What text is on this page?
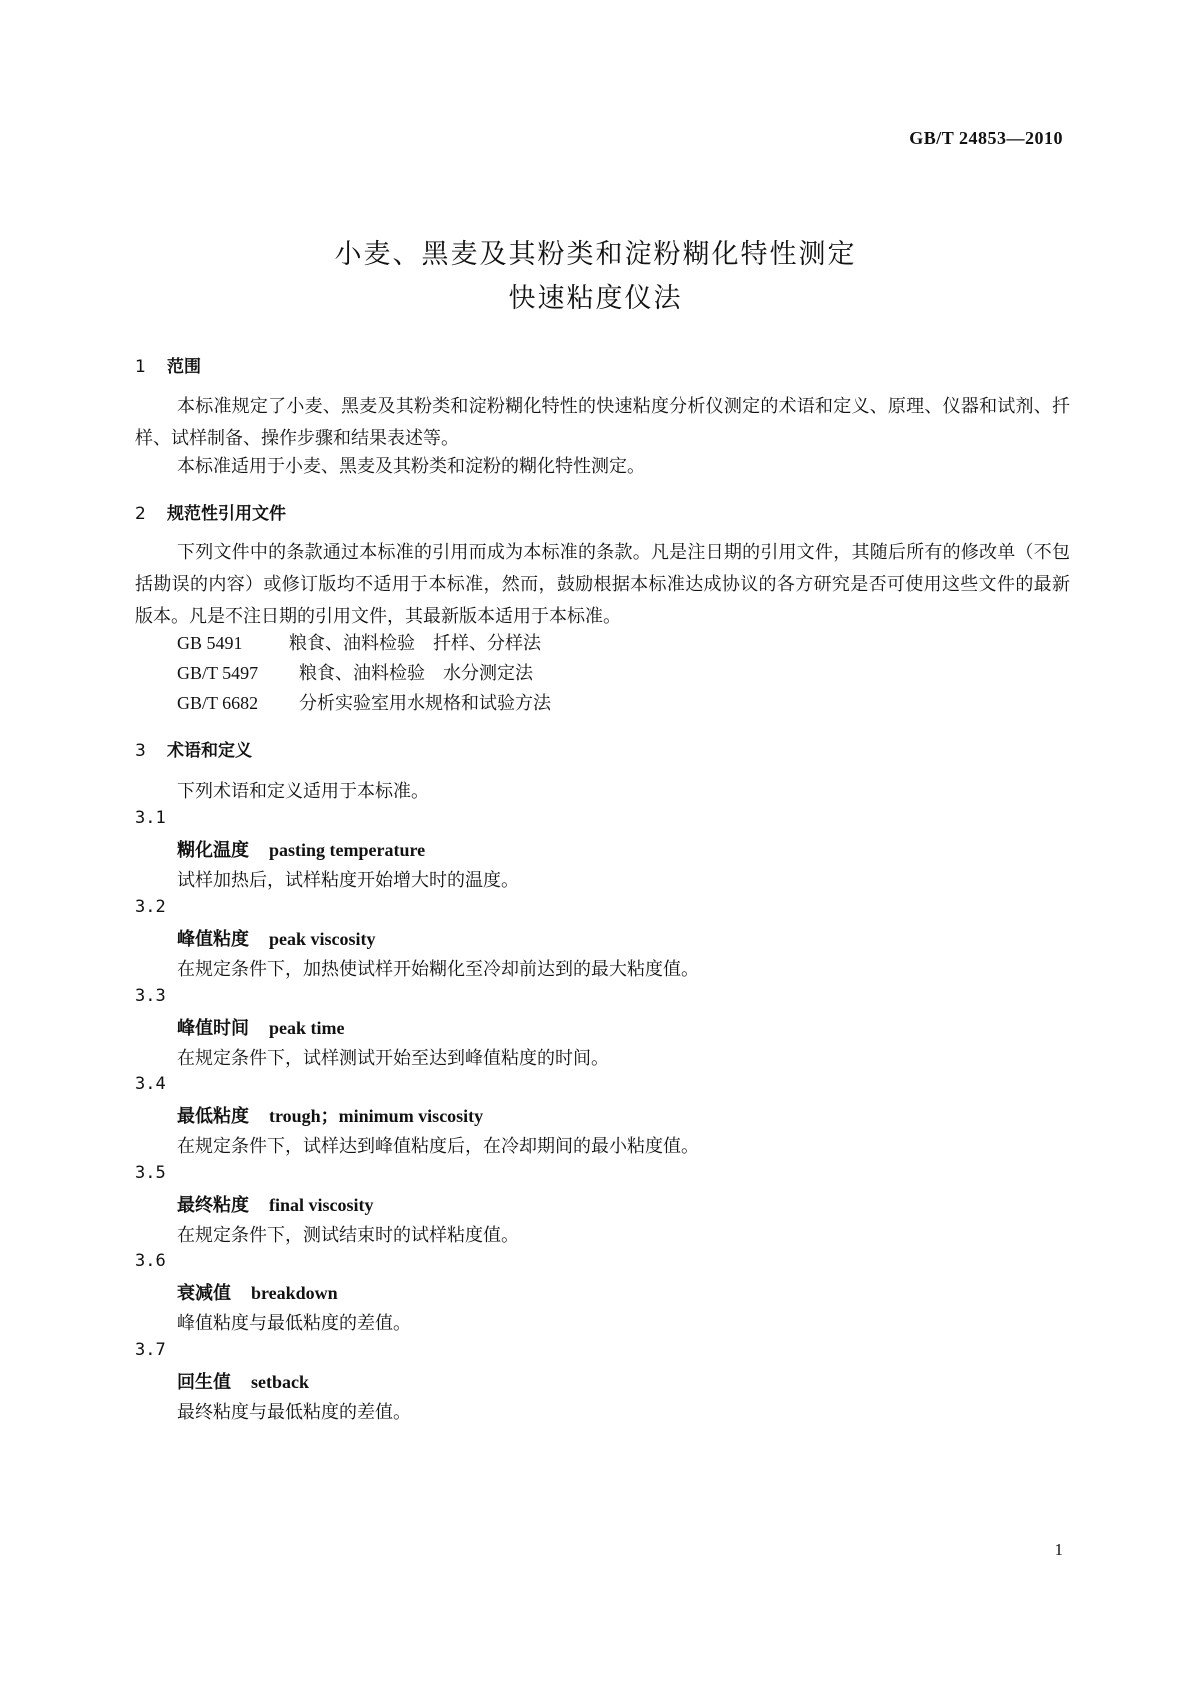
GB/T 24853—2010
小麦、黑麦及其粉类和淀粉糊化特性测定
快速粘度仪法
1 范围
本标准规定了小麦、黑麦及其粉类和淀粉糊化特性的快速粘度分析仪测定的术语和定义、原理、仪器和试剂、扦样、试样制备、操作步骤和结果表述等。
本标准适用于小麦、黑麦及其粉类和淀粉的糊化特性测定。
2 规范性引用文件
下列文件中的条款通过本标准的引用而成为本标准的条款。凡是注日期的引用文件，其随后所有的修改单（不包括勘误的内容）或修订版均不适用于本标准，然而，鼓励根据本标准达成协议的各方研究是否可使用这些文件的最新版本。凡是不注日期的引用文件，其最新版本适用于本标准。
GB 5491	粮食、油料检验　扦样、分样法
GB/T 5497 粮食、油料检验　水分测定法
GB/T 6682 分析实验室用水规格和试验方法
3 术语和定义
下列术语和定义适用于本标准。
3.1
糊化温度 pasting temperature
试样加热后，试样粘度开始增大时的温度。
3.2
峰值粘度 peak viscosity
在规定条件下，加热使试样开始糊化至冷却前达到的最大粘度值。
3.3
峰值时间 peak time
在规定条件下，试样测试开始至达到峰值粘度的时间。
3.4
最低粘度 trough；minimum viscosity
在规定条件下，试样达到峰值粘度后，在冷却期间的最小粘度值。
3.5
最终粘度 final viscosity
在规定条件下，测试结束时的试样粘度值。
3.6
衰减值 breakdown
峰值粘度与最低粘度的差值。
3.7
回生值 setback
最终粘度与最低粘度的差值。
1
